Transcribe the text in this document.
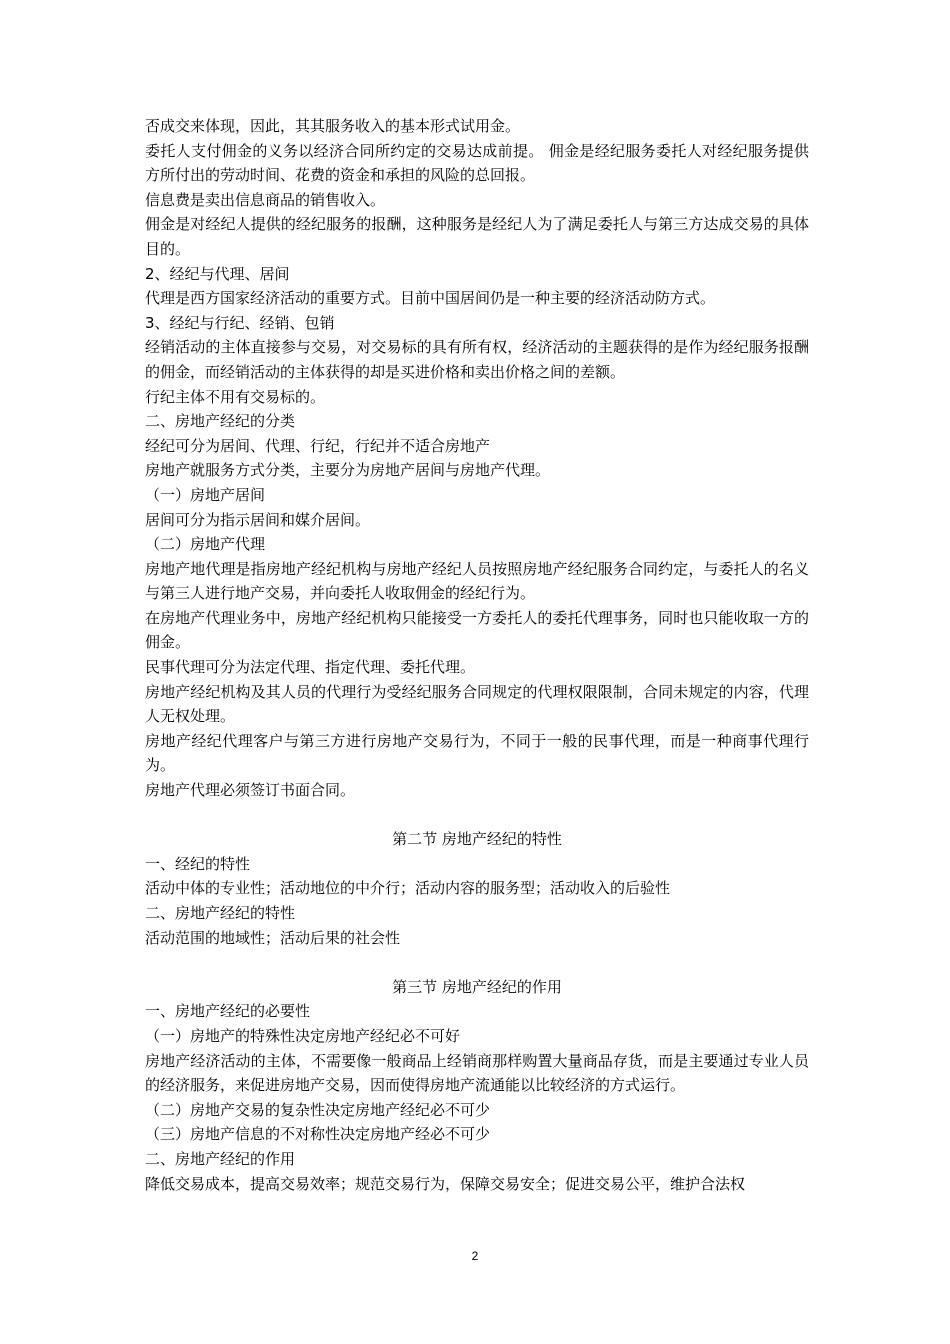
否成交来体现，因此，其其服务收入的基本形式试用金。
委托人支付佣金的义务以经济合同所约定的交易达成前提。 佣金是经纪服务委托人对经纪服务提供方所付出的劳动时间、花费的资金和承担的风险的总回报。
信息费是卖出信息商品的销售收入。
佣金是对经纪人提供的经纪服务的报酬，这种服务是经纪人为了满足委托人与第三方达成交易的具体目的。
2、经纪与代理、居间
代理是西方国家经济活动的重要方式。目前中国居间仍是一种主要的经济活动防方式。
3、经纪与行纪、经销、包销
经销活动的主体直接参与交易，对交易标的具有所有权，经济活动的主题获得的是作为经纪服务报酬的佣金，而经销活动的主体获得的却是买进价格和卖出价格之间的差额。
行纪主体不用有交易标的。
二、房地产经纪的分类
经纪可分为居间、代理、行纪，行纪并不适合房地产
房地产就服务方式分类，主要分为房地产居间与房地产代理。
（一）房地产居间
居间可分为指示居间和媒介居间。
（二）房地产代理
房地产地代理是指房地产经纪机构与房地产经纪人员按照房地产经纪服务合同约定，与委托人的名义与第三人进行地产交易，并向委托人收取佣金的经纪行为。
在房地产代理业务中，房地产经纪机构只能接受一方委托人的委托代理事务，同时也只能收取一方的佣金。
民事代理可分为法定代理、指定代理、委托代理。
房地产经纪机构及其人员的代理行为受经纪服务合同规定的代理权限限制，合同未规定的内容，代理人无权处理。
房地产经纪代理客户与第三方进行房地产交易行为，不同于一般的民事代理，而是一种商事代理行为。
房地产代理必须签订书面合同。
第二节 房地产经纪的特性
一、经纪的特性
活动中体的专业性；活动地位的中介行；活动内容的服务型；活动收入的后验性
二、房地产经纪的特性
活动范围的地域性；活动后果的社会性
第三节 房地产经纪的作用
一、房地产经纪的必要性
（一）房地产的特殊性决定房地产经纪必不可好
房地产经济活动的主体，不需要像一般商品上经销商那样购置大量商品存货，而是主要通过专业人员的经济服务，来促进房地产交易，因而使得房地产流通能以比较经济的方式运行。
（二）房地产交易的复杂性决定房地产经纪必不可少
（三）房地产信息的不对称性决定房地产经必不可少
二、房地产经纪的作用
降低交易成本，提高交易效率；规范交易行为，保障交易安全；促进交易公平，维护合法权
2
